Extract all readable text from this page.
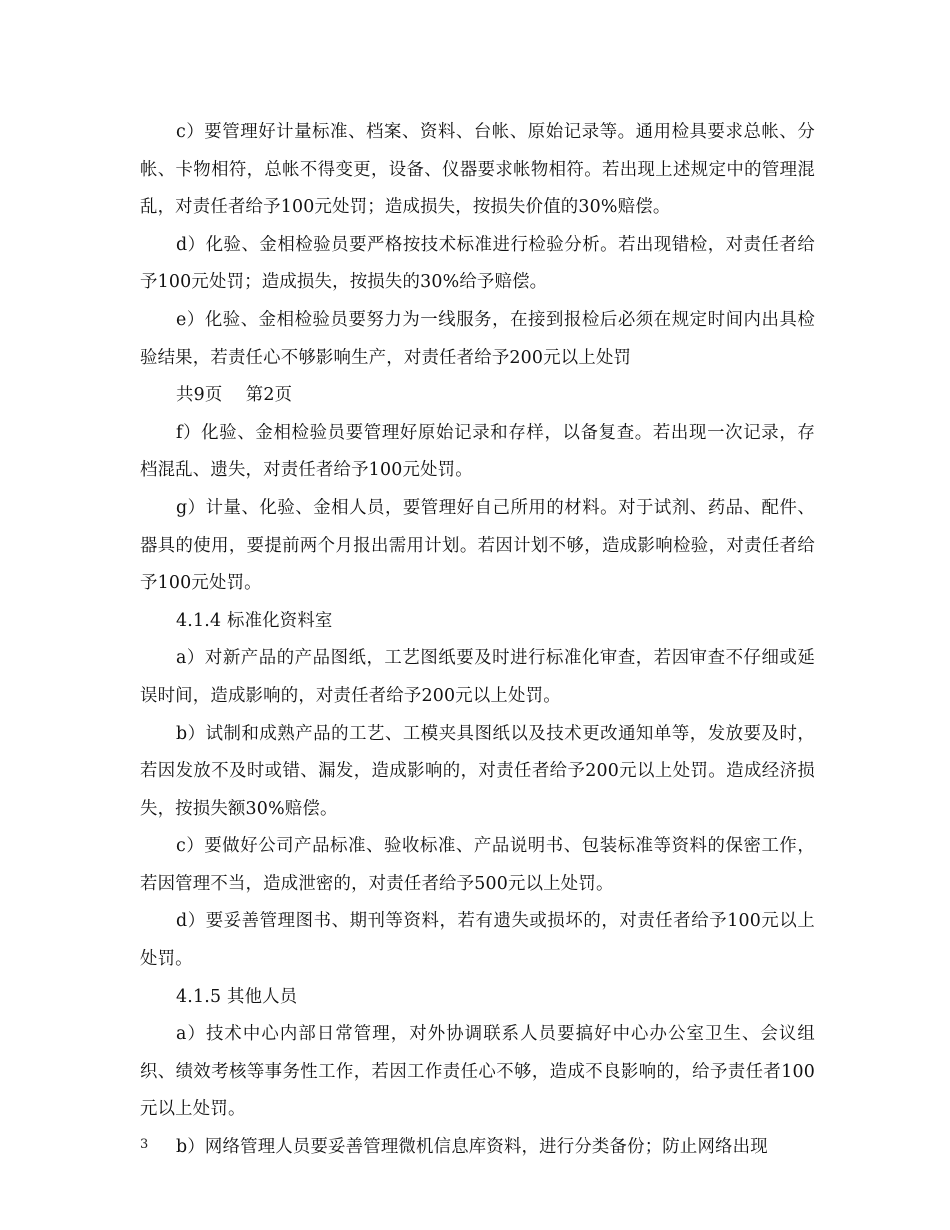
c）要管理好计量标准、档案、资料、台帐、原始记录等。通用检具要求总帐、分帐、卡物相符，总帐不得变更，设备、仪器要求帐物相符。若出现上述规定中的管理混乱，对责任者给予100元处罚；造成损失，按损失价值的30%赔偿。

d）化验、金相检验员要严格按技术标准进行检验分析。若出现错检，对责任者给予100元处罚；造成损失，按损失的30%给予赔偿。

e）化验、金相检验员要努力为一线服务，在接到报检后必须在规定时间内出具检验结果，若责任心不够影响生产，对责任者给予200元以上处罚

共9页　 第2页

f）化验、金相检验员要管理好原始记录和存样，以备复查。若出现一次记录，存档混乱、遗失，对责任者给予100元处罚。

g）计量、化验、金相人员，要管理好自己所用的材料。对于试剂、药品、配件、器具的使用，要提前两个月报出需用计划。若因计划不够，造成影响检验，对责任者给予100元处罚。

4.1.4 标准化资料室

a）对新产品的产品图纸，工艺图纸要及时进行标准化审查，若因审查不仔细或延误时间，造成影响的，对责任者给予200元以上处罚。

b）试制和成熟产品的工艺、工模夹具图纸以及技术更改通知单等，发放要及时，若因发放不及时或错、漏发，造成影响的，对责任者给予200元以上处罚。造成经济损失，按损失额30%赔偿。

c）要做好公司产品标准、验收标准、产品说明书、包装标准等资料的保密工作，若因管理不当，造成泄密的，对责任者给予500元以上处罚。

d）要妥善管理图书、期刊等资料，若有遗失或损坏的，对责任者给予100元以上处罚。

4.1.5 其他人员

a）技术中心内部日常管理，对外协调联系人员要搞好中心办公室卫生、会议组织、绩效考核等事务性工作，若因工作责任心不够，造成不良影响的，给予责任者100元以上处罚。

b）网络管理人员要妥善管理微机信息库资料，进行分类备份；防止网络出现

3
